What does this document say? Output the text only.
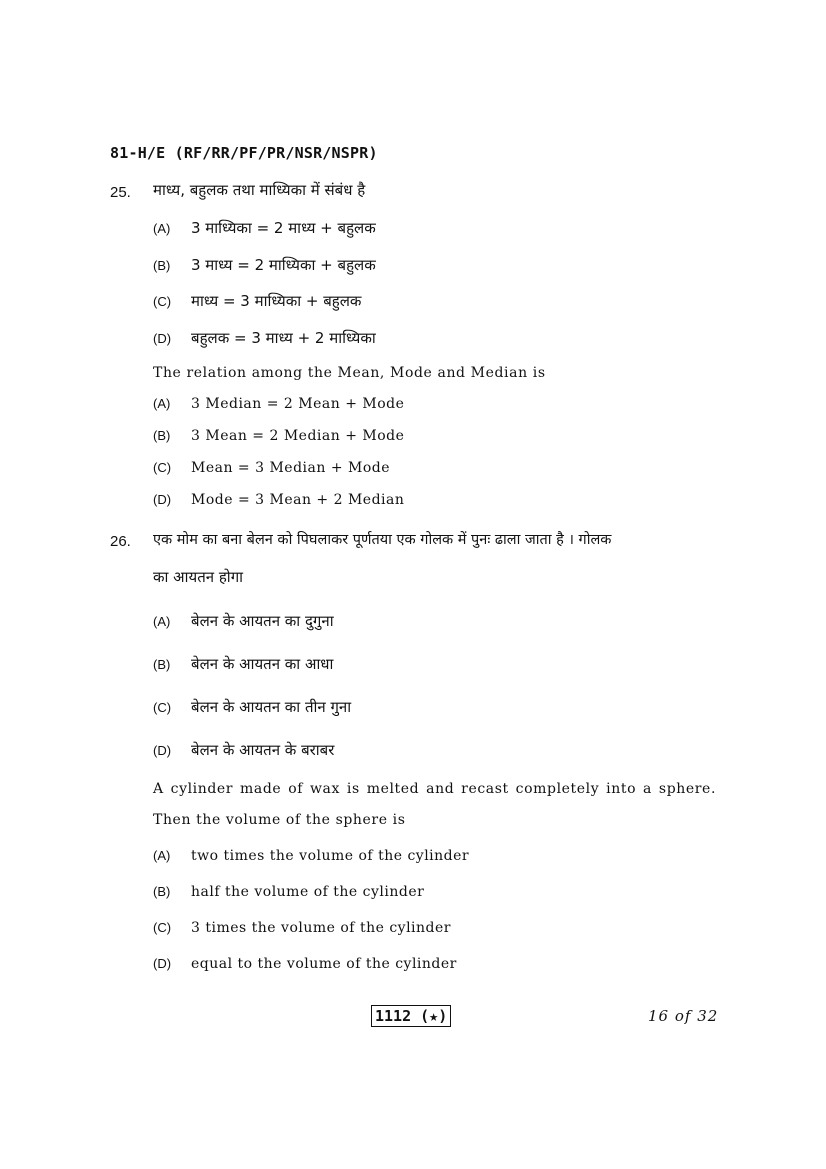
81-H/E (RF/RR/PF/PR/NSR/NSPR)
25. माध्य, बहुलक तथा माध्यिका में संबंध है
(A) 3 माध्यिका = 2 माध्य + बहुलक
(B) 3 माध्य = 2 माध्यिका + बहुलक
(C) माध्य = 3 माध्यिका + बहुलक
(D) बहुलक = 3 माध्य + 2 माध्यिका
The relation among the Mean, Mode and Median is
(A) 3 Median = 2 Mean + Mode
(B) 3 Mean = 2 Median + Mode
(C) Mean = 3 Median + Mode
(D) Mode = 3 Mean + 2 Median
26. एक मोम का बना बेलन को पिघलाकर पूर्णतया एक गोलक में पुनः ढाला जाता है । गोलक
का आयतन होगा
(A) बेलन के आयतन का दुगुना
(B) बेलन के आयतन का आधा
(C) बेलन के आयतन का तीन गुना
(D) बेलन के आयतन के बराबर
A cylinder made of wax is melted and recast completely into a sphere.
Then the volume of the sphere is
(A) two times the volume of the cylinder
(B) half the volume of the cylinder
(C) 3 times the volume of the cylinder
(D) equal to the volume of the cylinder
1112 (★)	16 of 32
